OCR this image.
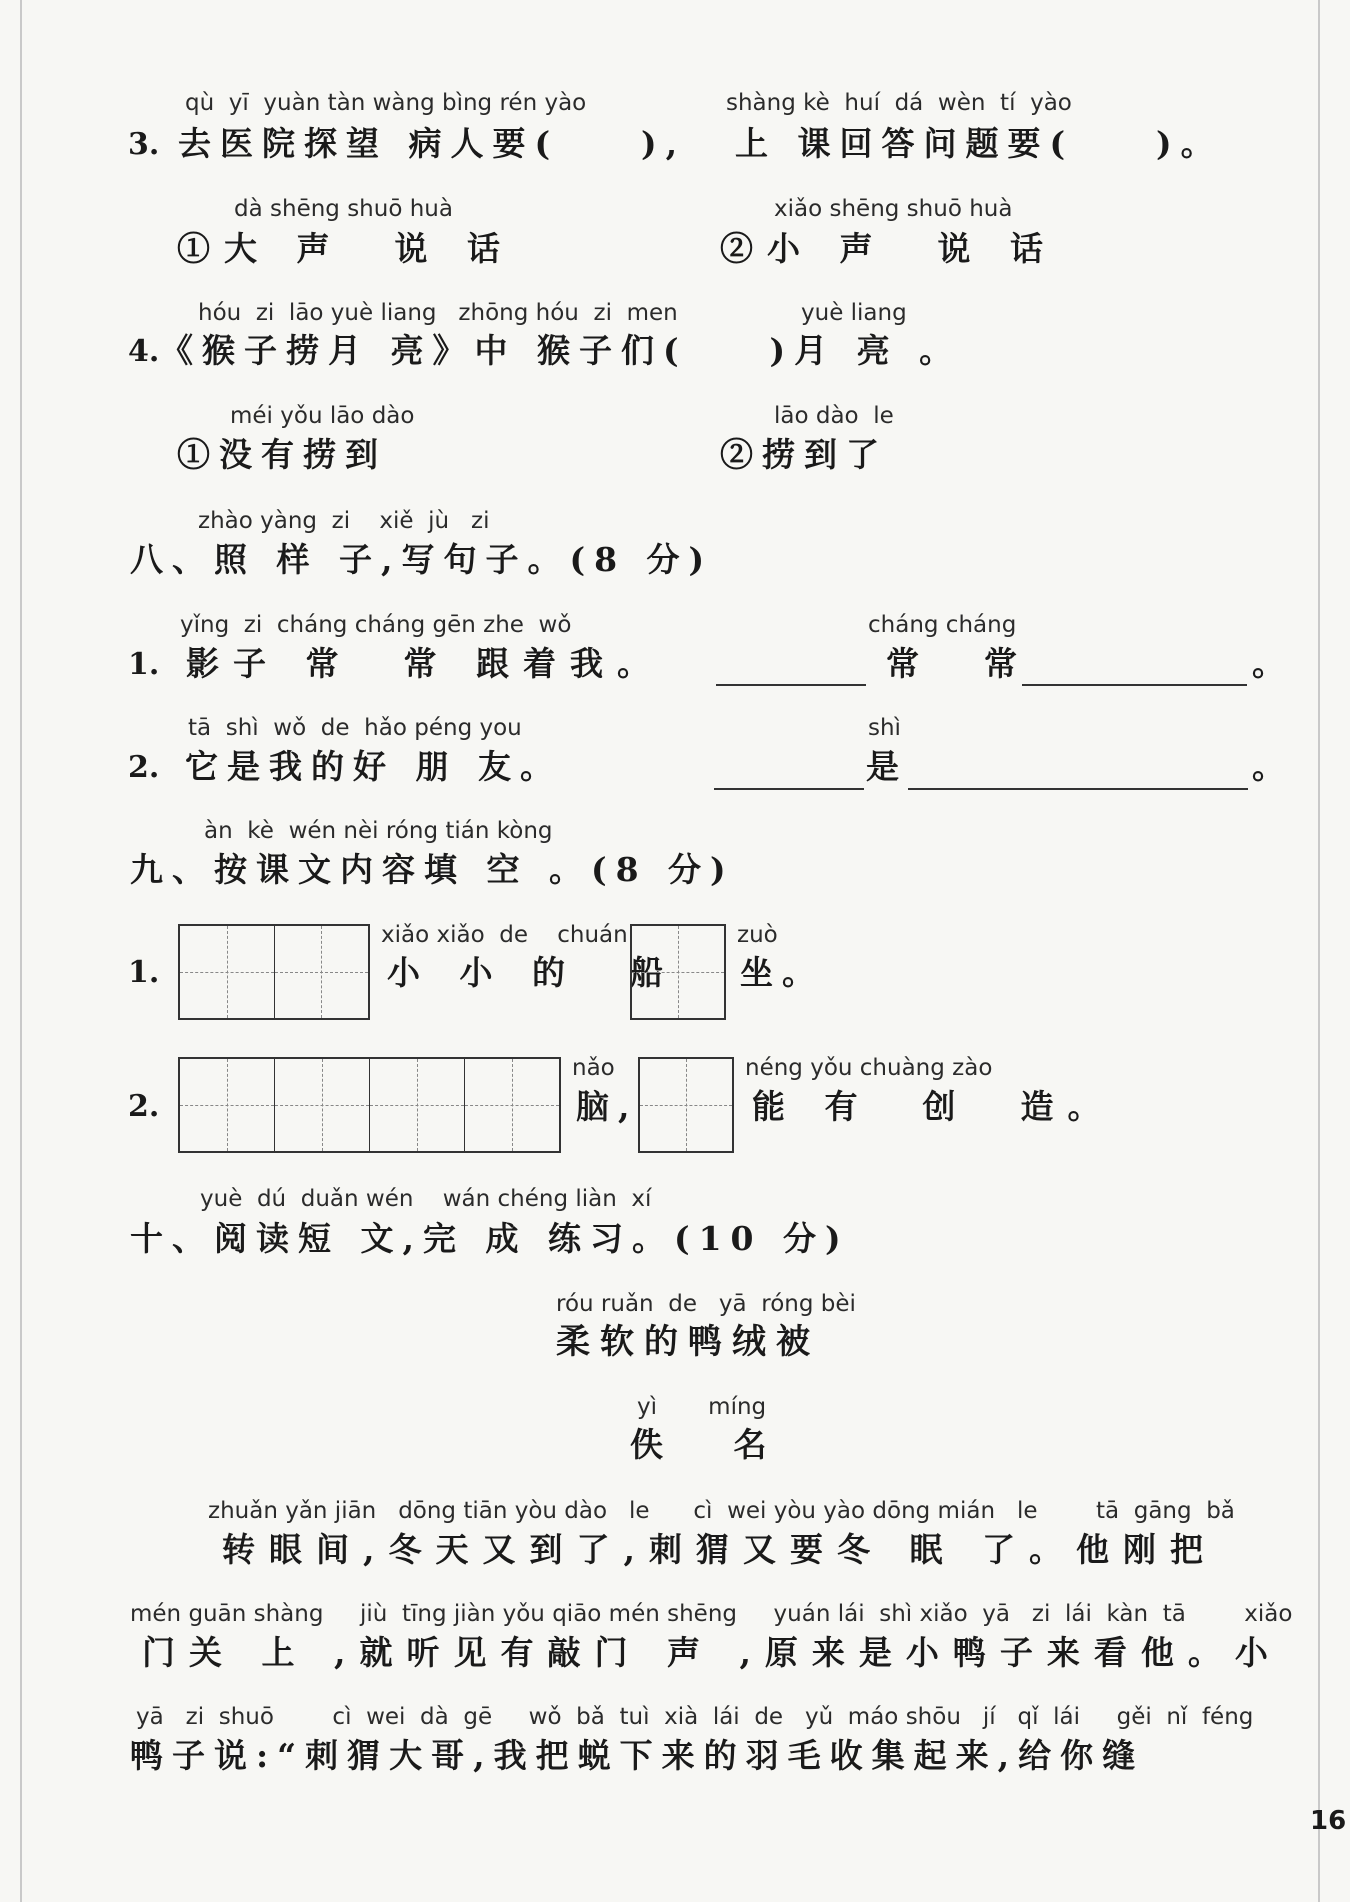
qù  yī  yuàn tàn wàng bìng rén yào	shàng kè  huí  dá  wèn  tí  yào
3. 去医院探望 病人要(    ), 上 课回答问题要(    )。
dà shēng shuō huà
①大 声  说 话
xiǎo shēng shuō huà
②小 声  说 话
hóu  zi  lāo yuè liang   zhōng hóu  zi  men	yuè liang
4. 《猴子捞月 亮》中 猴子们(    )月 亮 。
méi yǒu lāo dào
①没有捞到
lāo dào  le
②捞到了
zhào yàng  zi    xiě  jù   zi
八、照 样 子,写句子。(8 分)
yǐng  zi  cháng cháng gēn zhe  wǒ
1. 影子 常  常 跟着我。
cháng cháng
常  常	。
tā  shì  wǒ  de  hǎo péng you
2. 它是我的好 朋 友。
shì
是	。
àn  kè  wén nèi róng tián kòng
九、按课文内容填 空 。(8 分)
1.
xiǎo xiǎo  de    chuán
小 小 的  船
zuò
坐。
2.
nǎo
脑,
néng yǒu chuàng zào
能 有  创  造。
yuè  dú  duǎn wén    wán chéng liàn  xí
十、阅读短 文,完 成 练习。(10 分)
róu ruǎn  de   yā  róng bèi
柔软的鸭绒被
yì       míng
佚   名
zhuǎn yǎn jiān   dōng tiān yòu dào   le      cì  wei yòu yào dōng mián   le        tā  gāng  bǎ
转眼间,冬天又到了,刺猬又要冬 眠 了。他刚把
mén guān shàng     jiù  tīng jiàn yǒu qiāo mén shēng     yuán lái  shì xiǎo  yā   zi  lái  kàn  tā        xiǎo
门关 上 ,就听见有敲门 声 ,原来是小鸭子来看他。小
yā   zi  shuō        cì  wei  dà  gē     wǒ  bǎ  tuì  xià  lái  de   yǔ  máo shōu   jí   qǐ  lái     gěi  nǐ  féng
鸭子说:“刺猬大哥,我把蜕下来的羽毛收集起来,给你缝
16
